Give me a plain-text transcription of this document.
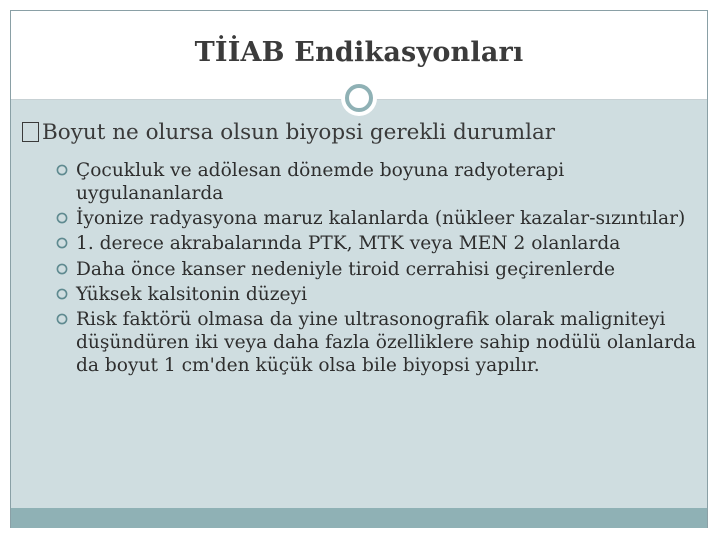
TİİAB Endikasyonları
Boyut ne olursa olsun biyopsi gerekli durumlar
Çocukluk ve adölesan dönemde boyuna radyoterapi uygulananlarda
İyonize radyasyona maruz kalanlarda (nükleer kazalar-sızıntılar)
1. derece akrabalarında PTK, MTK veya MEN 2 olanlarda
Daha önce kanser nedeniyle tiroid cerrahisi geçirenlerde
Yüksek kalsitonin düzeyi
Risk faktörü olmasa da yine ultrasonografik olarak maligniteyi düşündüren iki veya daha fazla özelliklere sahip nodülü olanlarda da boyut 1 cm'den küçük olsa bile biyopsi yapılır.
